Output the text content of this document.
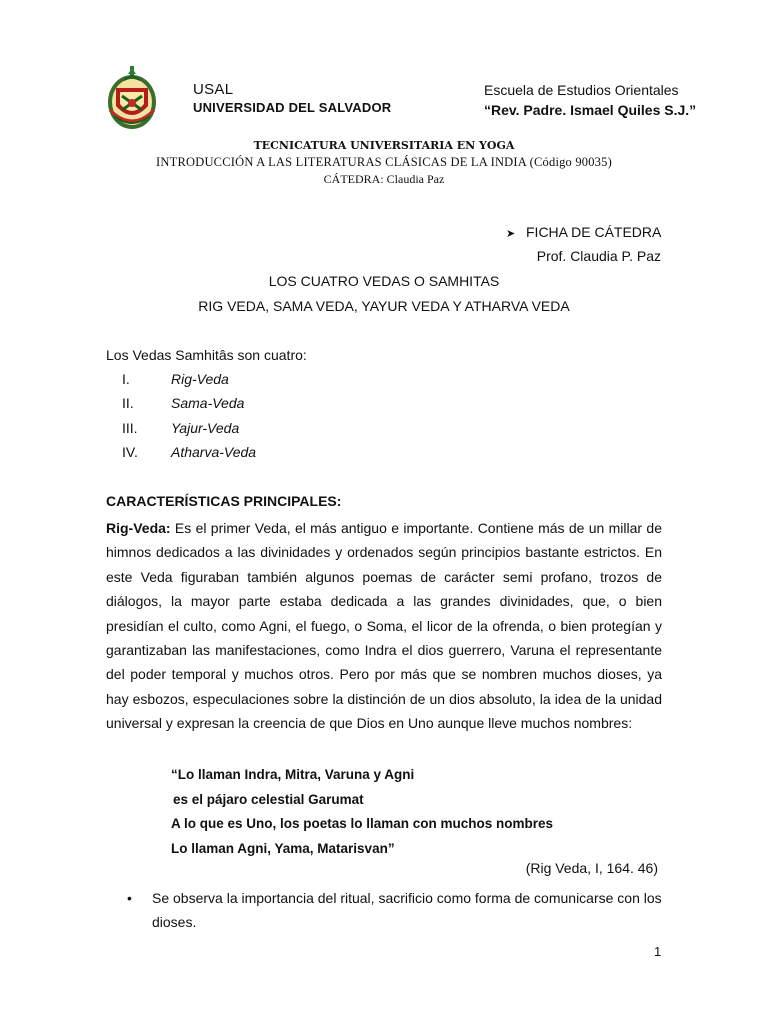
USAL
UNIVERSIDAD DEL SALVADOR
Escuela de Estudios Orientales
“Rev. Padre. Ismael Quiles S.J.”
TECNICATURA UNIVERSITARIA EN YOGA
INTRODUCCIÓN A LAS LITERATURAS CLÁSICAS DE LA INDIA (Código 90035)
CÁTEDRA: Claudia Paz
➤ FICHA DE CÁTEDRA
Prof. Claudia P. Paz
LOS CUATRO VEDAS O SAMHITAS
RIG VEDA, SAMA VEDA, YAYUR VEDA Y ATHARVA VEDA
Los Vedas Samhitâs son cuatro:
I.	Rig-Veda
II.	Sama-Veda
III. Yajur-Veda
IV. Atharva-Veda
CARACTERÍSTICAS PRINCIPALES:
Rig-Veda: Es el primer Veda, el más antiguo e importante. Contiene más de un millar de himnos dedicados a las divinidades y ordenados según principios bastante estrictos. En este Veda figuraban también algunos poemas de carácter semi profano, trozos de diálogos, la mayor parte estaba dedicada a las grandes divinidades, que, o bien presidían el culto, como Agni, el fuego, o Soma, el licor de la ofrenda, o bien protegían y garantizaban las manifestaciones, como Indra el dios guerrero, Varuna el representante del poder temporal y muchos otros. Pero por más que se nombren muchos dioses, ya hay esbozos, especulaciones sobre la distinción de un dios absoluto, la idea de la unidad universal y expresan la creencia de que Dios en Uno aunque lleve muchos nombres:
“Lo llaman Indra, Mitra, Varuna y Agni
es el pájaro celestial Garumat
A lo que es Uno, los poetas lo llaman con muchos nombres
Lo llaman Agni, Yama, Matarisvan”
(Rig Veda, I, 164. 46)
•	Se observa la importancia del ritual, sacrificio como forma de comunicarse con los dioses.
1
